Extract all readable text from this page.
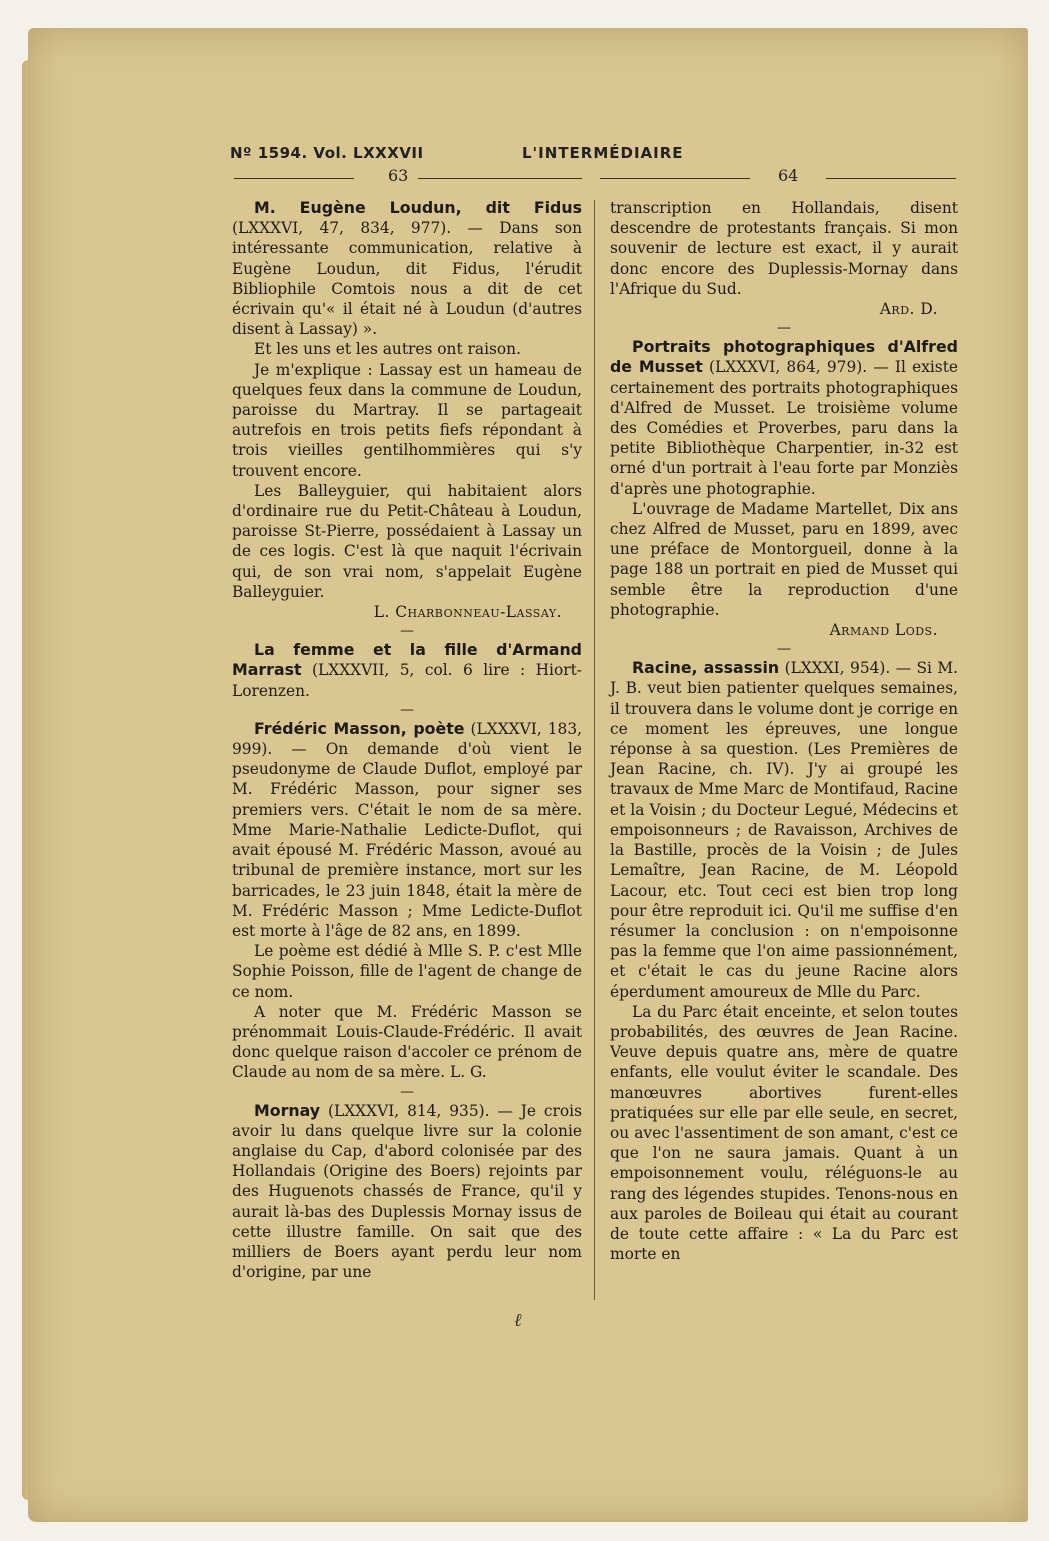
Nº 1594. Vol. LXXXVII	L'INTERMÉDIAIRE
63	64

M. Eugène Loudun, dit Fidus (LXXXVI, 47, 834, 977). — Dans son intéressante communication, relative à Eugène Loudun, dit Fidus, l'érudit Bibliophile Comtois nous a dit de cet écrivain qu'« il était né à Loudun (d'autres disent à Lassay) ».

Et les uns et les autres ont raison.

Je m'explique : Lassay est un hameau de quelques feux dans la commune de Loudun, paroisse du Martray. Il se partageait autrefois en trois petits fiefs répondant à trois vieilles gentilhommières qui s'y trouvent encore.

Les Balleyguier, qui habitaient alors d'ordinaire rue du Petit-Château à Loudun, paroisse St-Pierre, possédaient à Lassay un de ces logis. C'est là que naquit l'écrivain qui, de son vrai nom, s'appelait Eugène Balleyguier.

L. Charbonneau-Lassay.

—

La femme et la fille d'Armand Marrast (LXXXVII, 5, col. 6 lire : Hiort-Lorenzen.

—

Frédéric Masson, poète (LXXXVI, 183, 999). — On demande d'où vient le pseudonyme de Claude Duflot, employé par M. Frédéric Masson, pour signer ses premiers vers. C'était le nom de sa mère. Mme Marie-Nathalie Ledicte-Duflot, qui avait épousé M. Frédéric Masson, avoué au tribunal de première instance, mort sur les barricades, le 23 juin 1848, était la mère de M. Frédéric Masson ; Mme Ledicte-Duflot est morte à l'âge de 82 ans, en 1899.

Le poème est dédié à Mlle S. P. c'est Mlle Sophie Poisson, fille de l'agent de change de ce nom.

A noter que M. Frédéric Masson se prénommait Louis-Claude-Frédéric. Il avait donc quelque raison d'accoler ce prénom de Claude au nom de sa mère. L. G.

—

Mornay (LXXXVI, 814, 935). — Je crois avoir lu dans quelque livre sur la colonie anglaise du Cap, d'abord colonisée par des Hollandais (Origine des Boers) rejoints par des Huguenots chassés de France, qu'il y aurait là-bas des Duplessis Mornay issus de cette illustre famille. On sait que des milliers de Boers ayant perdu leur nom d'origine, par une

transcription en Hollandais, disent descendre de protestants français. Si mon souvenir de lecture est exact, il y aurait donc encore des Duplessis-Mornay dans l'Afrique du Sud.

Ard. D.

—

Portraits photographiques d'Alfred de Musset (LXXXVI, 864, 979). — Il existe certainement des portraits photographiques d'Alfred de Musset. Le troisième volume des Comédies et Proverbes, paru dans la petite Bibliothèque Charpentier, in-32 est orné d'un portrait à l'eau forte par Monziès d'après une photographie.

L'ouvrage de Madame Martellet, Dix ans chez Alfred de Musset, paru en 1899, avec une préface de Montorgueil, donne à la page 188 un portrait en pied de Musset qui semble être la reproduction d'une photographie.

Armand Lods.

—

Racine, assassin (LXXXI, 954). — Si M. J. B. veut bien patienter quelques semaines, il trouvera dans le volume dont je corrige en ce moment les épreuves, une longue réponse à sa question. (Les Premières de Jean Racine, ch. IV). J'y ai groupé les travaux de Mme Marc de Montifaud, Racine et la Voisin ; du Docteur Legué, Médecins et empoisonneurs ; de Ravaisson, Archives de la Bastille, procès de la Voisin ; de Jules Lemaître, Jean Racine, de M. Léopold Lacour, etc. Tout ceci est bien trop long pour être reproduit ici. Qu'il me suffise d'en résumer la conclusion : on n'empoisonne pas la femme que l'on aime passionnément, et c'était le cas du jeune Racine alors éperdument amoureux de Mlle du Parc.

La du Parc était enceinte, et selon toutes probabilités, des œuvres de Jean Racine. Veuve depuis quatre ans, mère de quatre enfants, elle voulut éviter le scandale. Des manœuvres abortives furent-elles pratiquées sur elle par elle seule, en secret, ou avec l'assentiment de son amant, c'est ce que l'on ne saura jamais. Quant à un empoisonnement voulu, réléguons-le au rang des légendes stupides. Tenons-nous en aux paroles de Boileau qui était au courant de toute cette affaire : « La du Parc est morte en

ℓ
